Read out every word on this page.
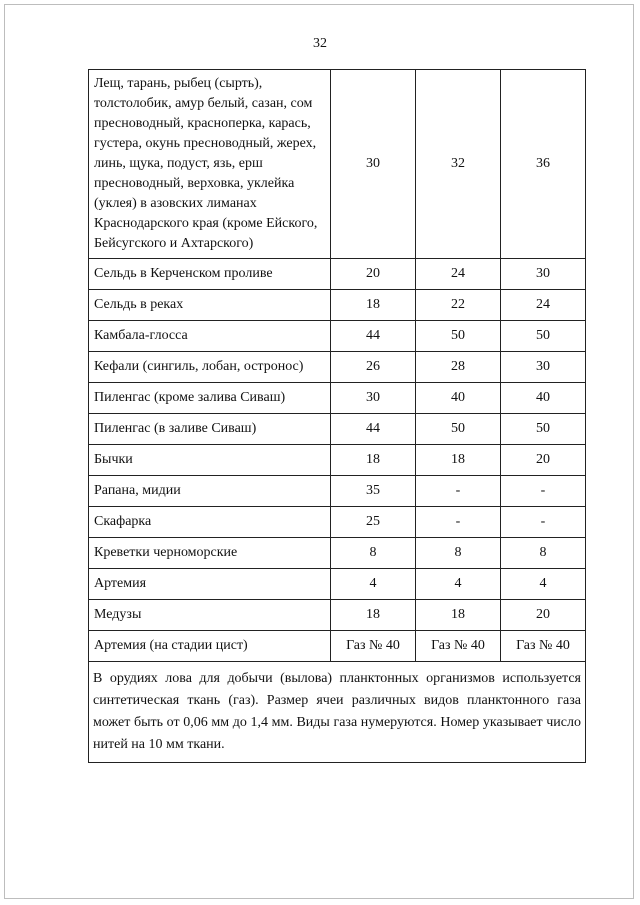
32
Лещ, тарань, рыбец (сырть), толстолобик, амур белый, сазан, сом пресноводный, красноперка, карась, густера, окунь пресноводный, жерех, линь, щука, подуст, язь, ерш пресноводный, верховка, уклейка (уклея) в азовских лиманах Краснодарского края (кроме Ейского, Бейсугского и Ахтарского)	30	32	36
Сельдь в Керченском проливе	20	24	30
Сельдь в реках	18	22	24
Камбала-глосса	44	50	50
Кефали (сингиль, лобан, остронос)	26	28	30
Пиленгас (кроме залива Сиваш)	30	40	40
Пиленгас (в заливе Сиваш)	44	50	50
Бычки	18	18	20
Рапана, мидии	35	-	-
Скафарка	25	-	-
Креветки черноморские	8	8	8
Артемия	4	4	4
Медузы	18	18	20
Артемия (на стадии цист)	Газ № 40	Газ № 40	Газ № 40
В орудиях лова для добычи (вылова) планктонных организмов используется синтетическая ткань (газ). Размер ячеи различных видов планктонного газа может быть от 0,06 мм до 1,4 мм. Виды газа нумеруются. Номер указывает число нитей на 10 мм ткани.			
